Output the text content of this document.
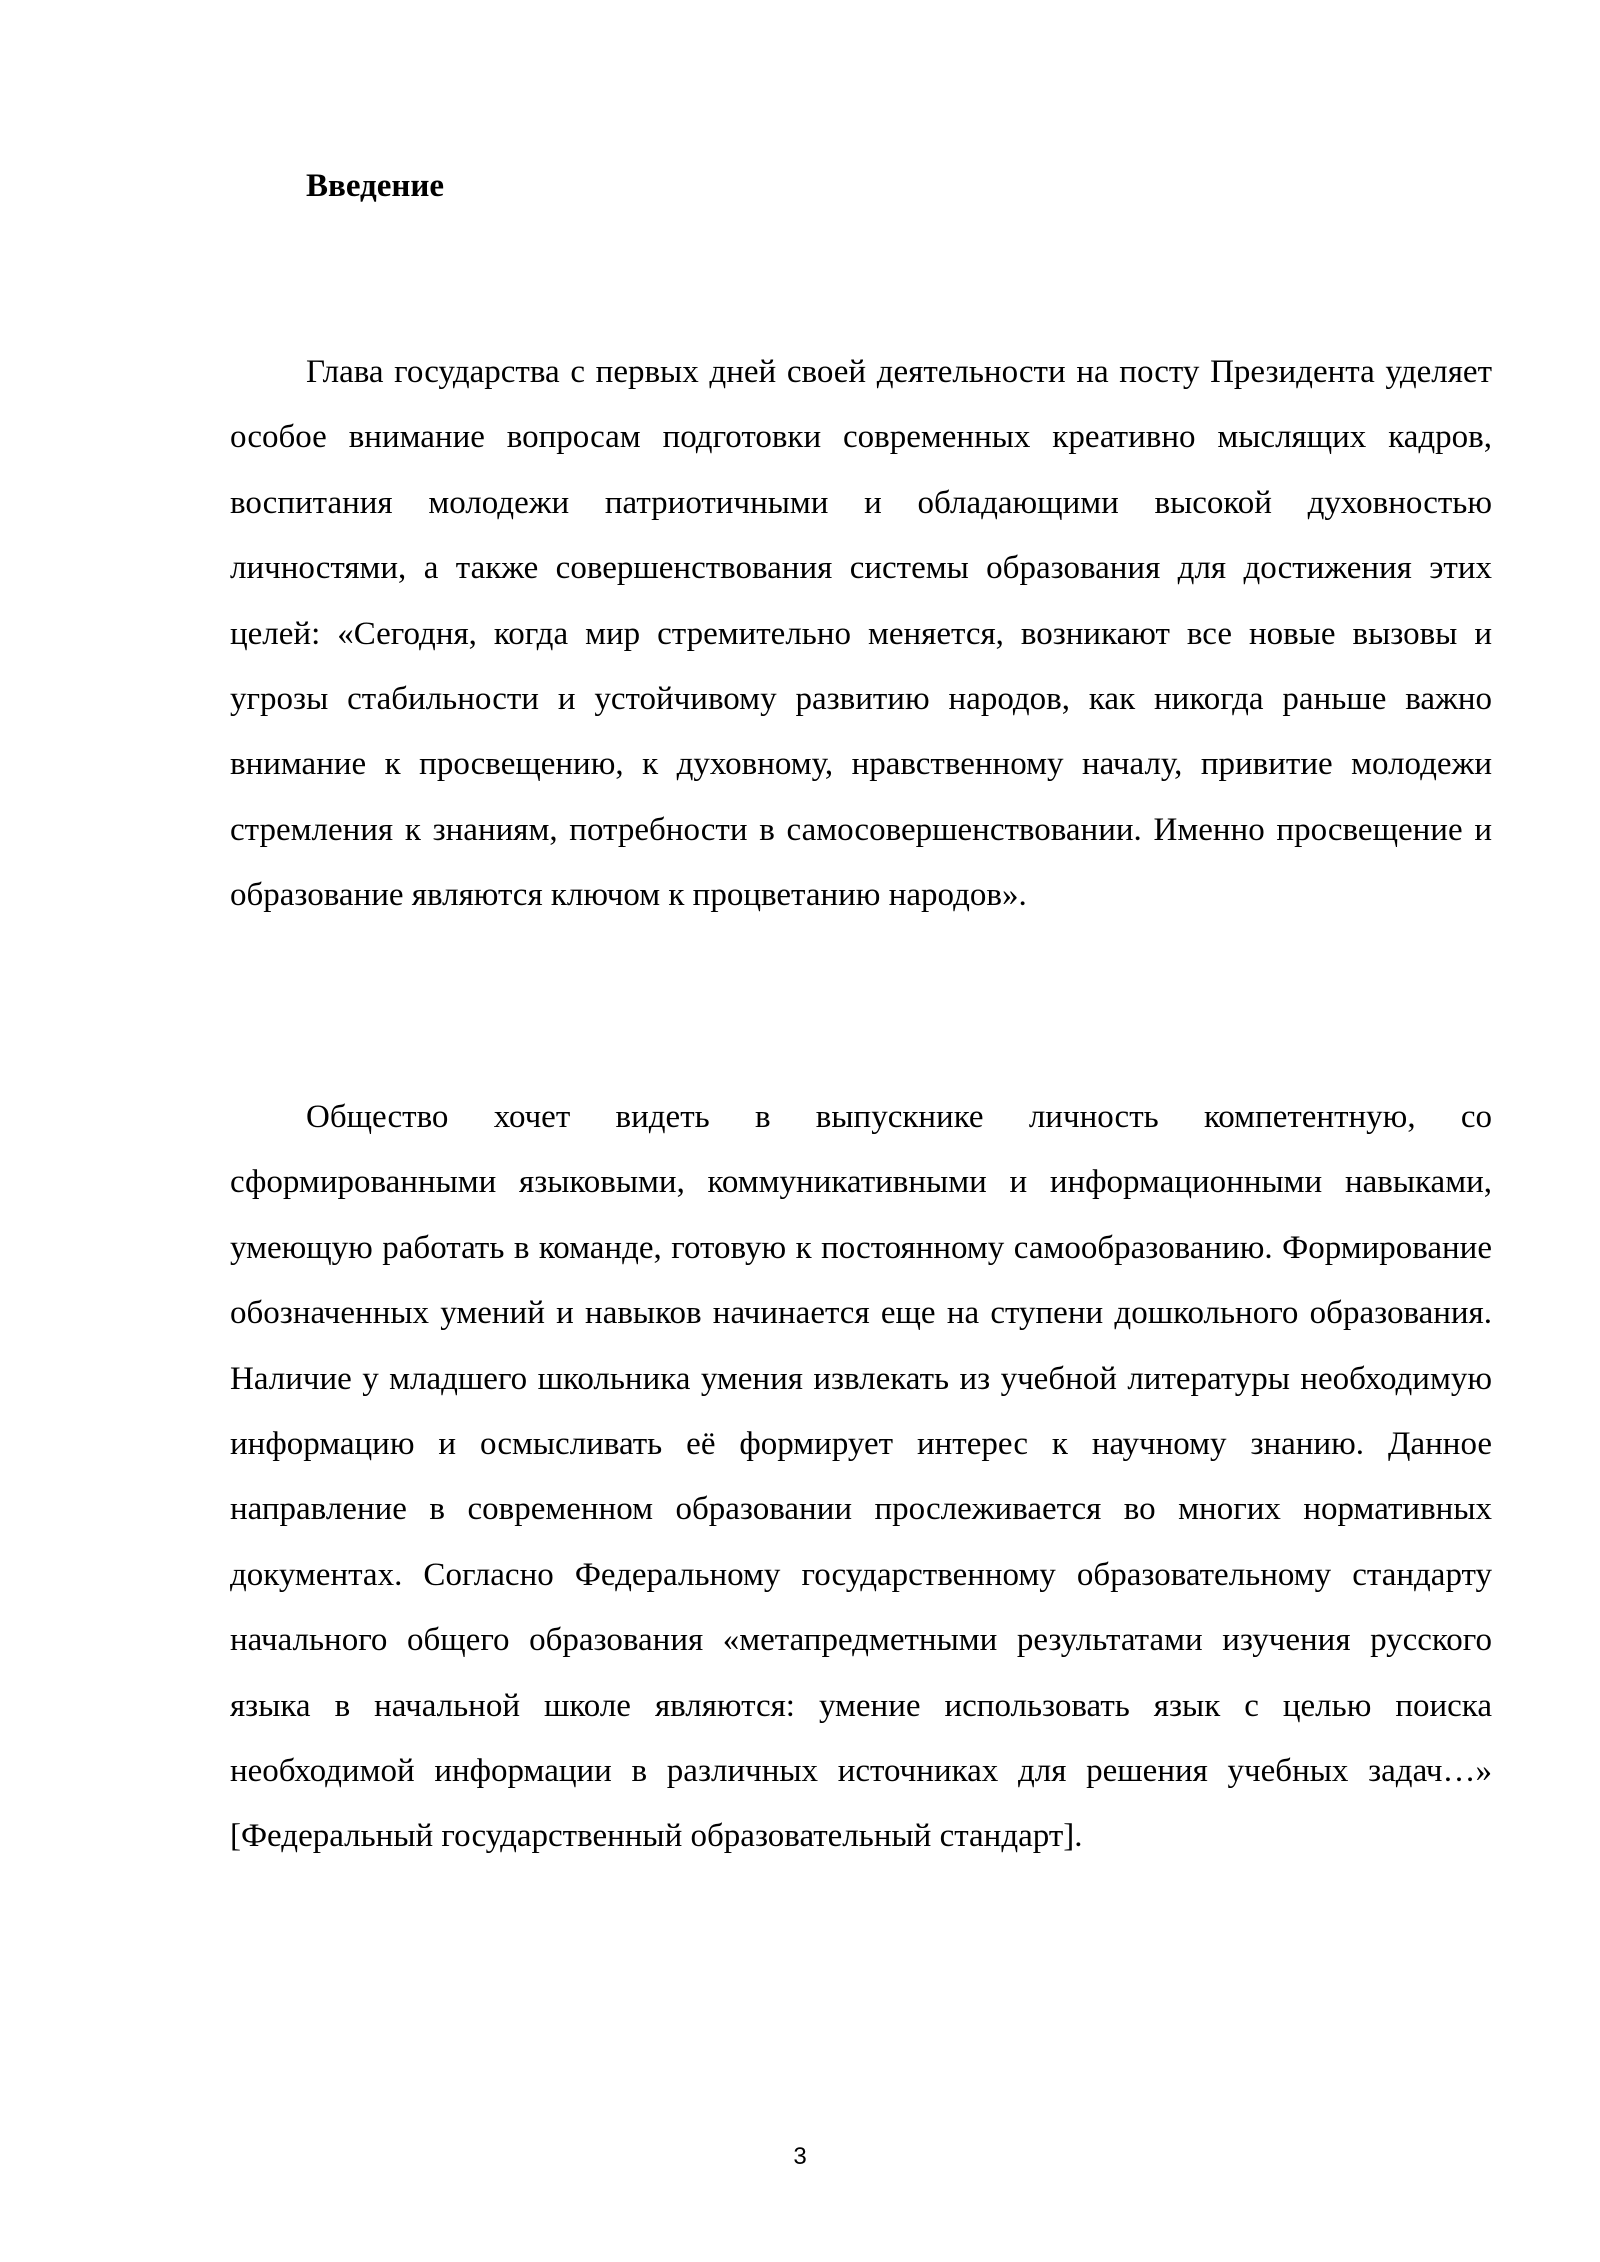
Введение

Глава государства с первых дней своей деятельности на посту Президента уделяет особое внимание вопросам подготовки современных креативно мыслящих кадров, воспитания молодежи патриотичными и обладающими высокой духовностью личностями, а также совершенствования системы образования для достижения этих целей: «Сегодня, когда мир стремительно меняется, возникают все новые вызовы и угрозы стабильности и устойчивому развитию народов, как никогда раньше важно внимание к просвещению, к духовному, нравственному началу, привитие молодежи стремления к знаниям, потребности в самосовершенствовании. Именно просвещение и образование являются ключом к процветанию народов».

Общество хочет видеть в выпускнике личность компетентную, со сформированными языковыми, коммуникативными и информационными навыками, умеющую работать в команде, готовую к постоянному самообразованию. Формирование обозначенных умений и навыков начинается еще на ступени дошкольного образования. Наличие у младшего школьника умения извлекать из учебной литературы необходимую информацию и осмысливать её формирует интерес к научному знанию. Данное направление в современном образовании прослеживается во многих нормативных документах. Согласно Федеральному государственному образовательному стандарту начального общего образования «метапредметными результатами изучения русского языка в начальной школе являются: умение использовать язык с целью поиска необходимой информации в различных источниках для решения учебных задач…» [Федеральный государственный образовательный стандарт].

3
